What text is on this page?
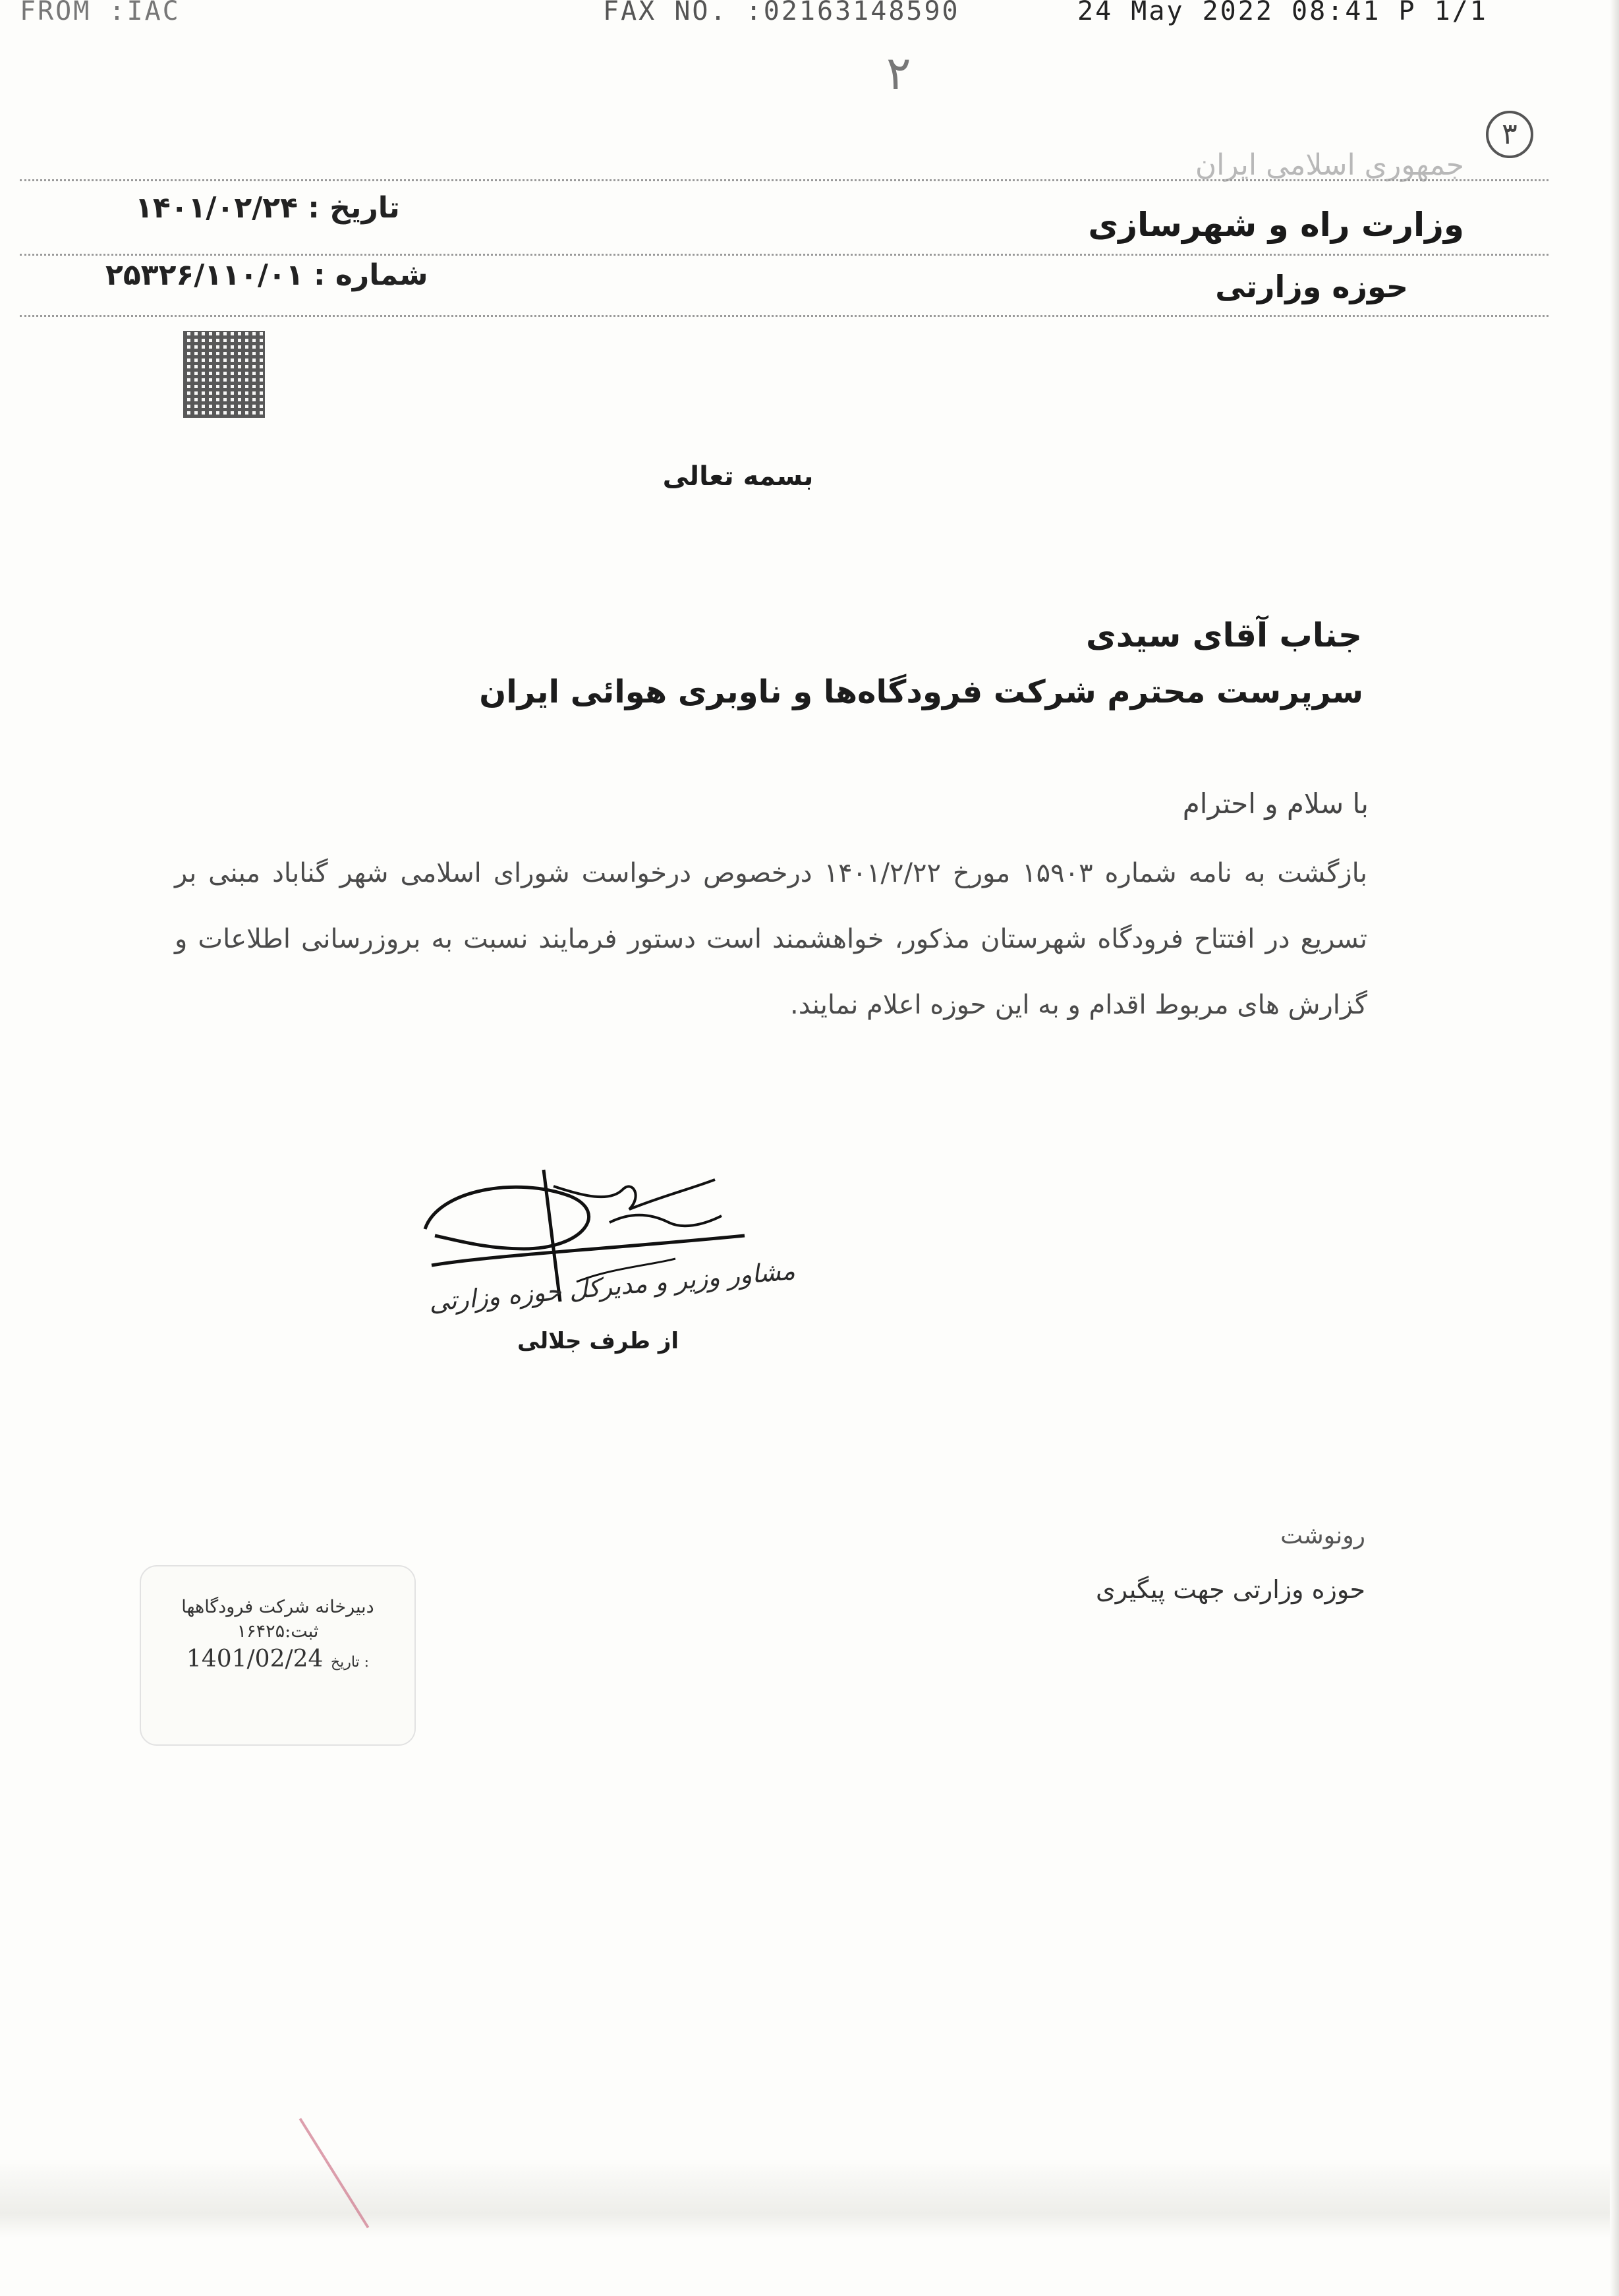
FROM :IAC	FAX NO. :02163148590	24 May 2022 08:41 P 1/1
۲
۳
جمهوری اسلامی ایران
وزارت راه و شهرسازی
تاریخ : ۱۴۰۱/۰۲/۲۴
شماره : ۲۵۳۲۶/۱۱۰/۰۱	حوزه وزارتی
بسمه تعالی
جناب آقای سیدی
سرپرست محترم شرکت فرودگاه‌ها و ناوبری هوائی ایران
با سلام و احترام
بازگشت به نامه شماره ۱۵۹۰۳ مورخ ۱۴۰۱/۲/۲۲ درخصوص درخواست شورای اسلامی شهر گناباد مبنی بر تسریع در افتتاح فرودگاه شهرستان مذکور، خواهشمند است دستور فرمایند نسبت به بروزرسانی اطلاعات و گزارش های مربوط اقدام و به این حوزه اعلام نمایند.
مشاور وزیر و مدیرکل حوزه وزارتی
از طرف جلالی
رونوشت
حوزه وزارتی جهت پیگیری
دبیرخانه شرکت فرودگاهها
ثبت:۱۶۴۲۵
1401/02/24 تاریخ :
